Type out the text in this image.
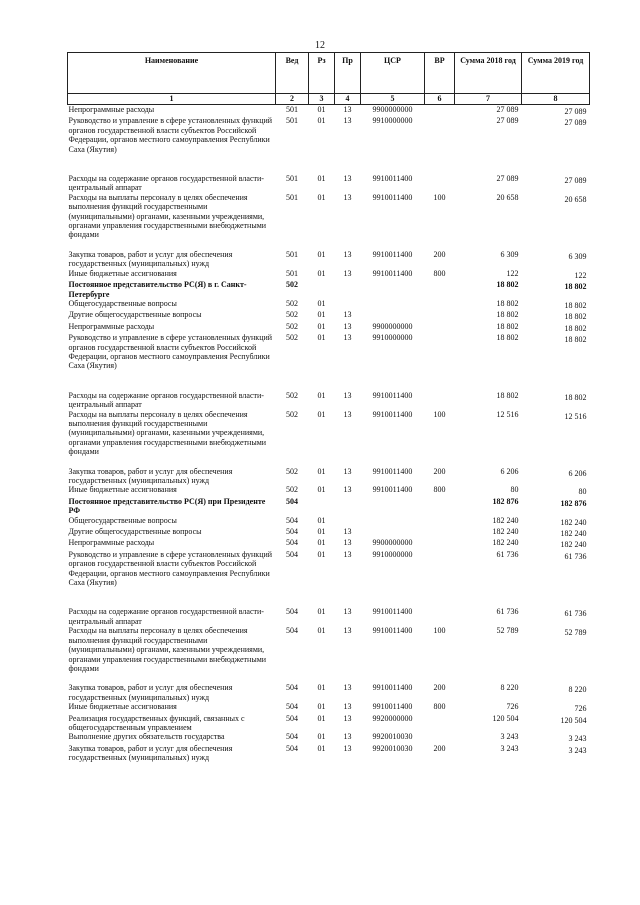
12
Наименование	Вед	Рз	Пр	ЦСР	ВР	Сумма 2018 год	Сумма 2019 год
1	2	3	4	5	6	7	8
Непрограммные расходы	501	01	13	9900000000		27 089	27 089
Руководство и управление в сфере установленных функций органов государственной власти субъектов Российской Федерации, органов местного самоуправления Республики Саха (Якутия)	501	01	13	9910000000		27 089	27 089
Расходы на содержание органов государственной власти- центральный аппарат	501	01	13	9910011400		27 089	27 089
Расходы на выплаты персоналу в целях обеспечения выполнения функций государственными (муниципальными) органами, казенными учреждениями, органами управления государственными внебюджетными фондами	501	01	13	9910011400	100	20 658	20 658
Закупка товаров, работ и услуг для обеспечения государственных (муниципальных) нужд	501	01	13	9910011400	200	6 309	6 309
Иные бюджетные ассигнования	501	01	13	9910011400	800	122	122
Постоянное представительство РС(Я) в г. Санкт-Петербурге	502					18 802	18 802
Общегосударственные вопросы	502	01				18 802	18 802
Другие общегосударственные вопросы	502	01	13			18 802	18 802
Непрограммные расходы	502	01	13	9900000000		18 802	18 802
Руководство и управление в сфере установленных функций органов государственной власти субъектов Российской Федерации, органов местного самоуправления Республики Саха (Якутия)	502	01	13	9910000000		18 802	18 802
Расходы на содержание органов государственной власти- центральный аппарат	502	01	13	9910011400		18 802	18 802
Расходы на выплаты персоналу в целях обеспечения выполнения функций государственными (муниципальными) органами, казенными учреждениями, органами управления государственными внебюджетными фондами	502	01	13	9910011400	100	12 516	12 516
Закупка товаров, работ и услуг для обеспечения государственных (муниципальных) нужд	502	01	13	9910011400	200	6 206	6 206
Иные бюджетные ассигнования	502	01	13	9910011400	800	80	80
Постоянное представительство РС(Я) при Президенте РФ	504					182 876	182 876
Общегосударственные вопросы	504	01				182 240	182 240
Другие общегосударственные вопросы	504	01	13			182 240	182 240
Непрограммные расходы	504	01	13	9900000000		182 240	182 240
Руководство и управление в сфере установленных функций органов государственной власти субъектов Российской Федерации, органов местного самоуправления Республики Саха (Якутия)	504	01	13	9910000000		61 736	61 736
Расходы на содержание органов государственной власти- центральный аппарат	504	01	13	9910011400		61 736	61 736
Расходы на выплаты персоналу в целях обеспечения выполнения функций государственными (муниципальными) органами, казенными учреждениями, органами управления государственными внебюджетными фондами	504	01	13	9910011400	100	52 789	52 789
Закупка товаров, работ и услуг для обеспечения государственных (муниципальных) нужд	504	01	13	9910011400	200	8 220	8 220
Иные бюджетные ассигнования	504	01	13	9910011400	800	726	726
Реализация государственных функций, связанных с общегосударственным управлением	504	01	13	9920000000		120 504	120 504
Выполнение других обязательств государства	504	01	13	9920010030		3 243	3 243
Закупка товаров, работ и услуг для обеспечения государственных (муниципальных) нужд	504	01	13	9920010030	200	3 243	3 243
